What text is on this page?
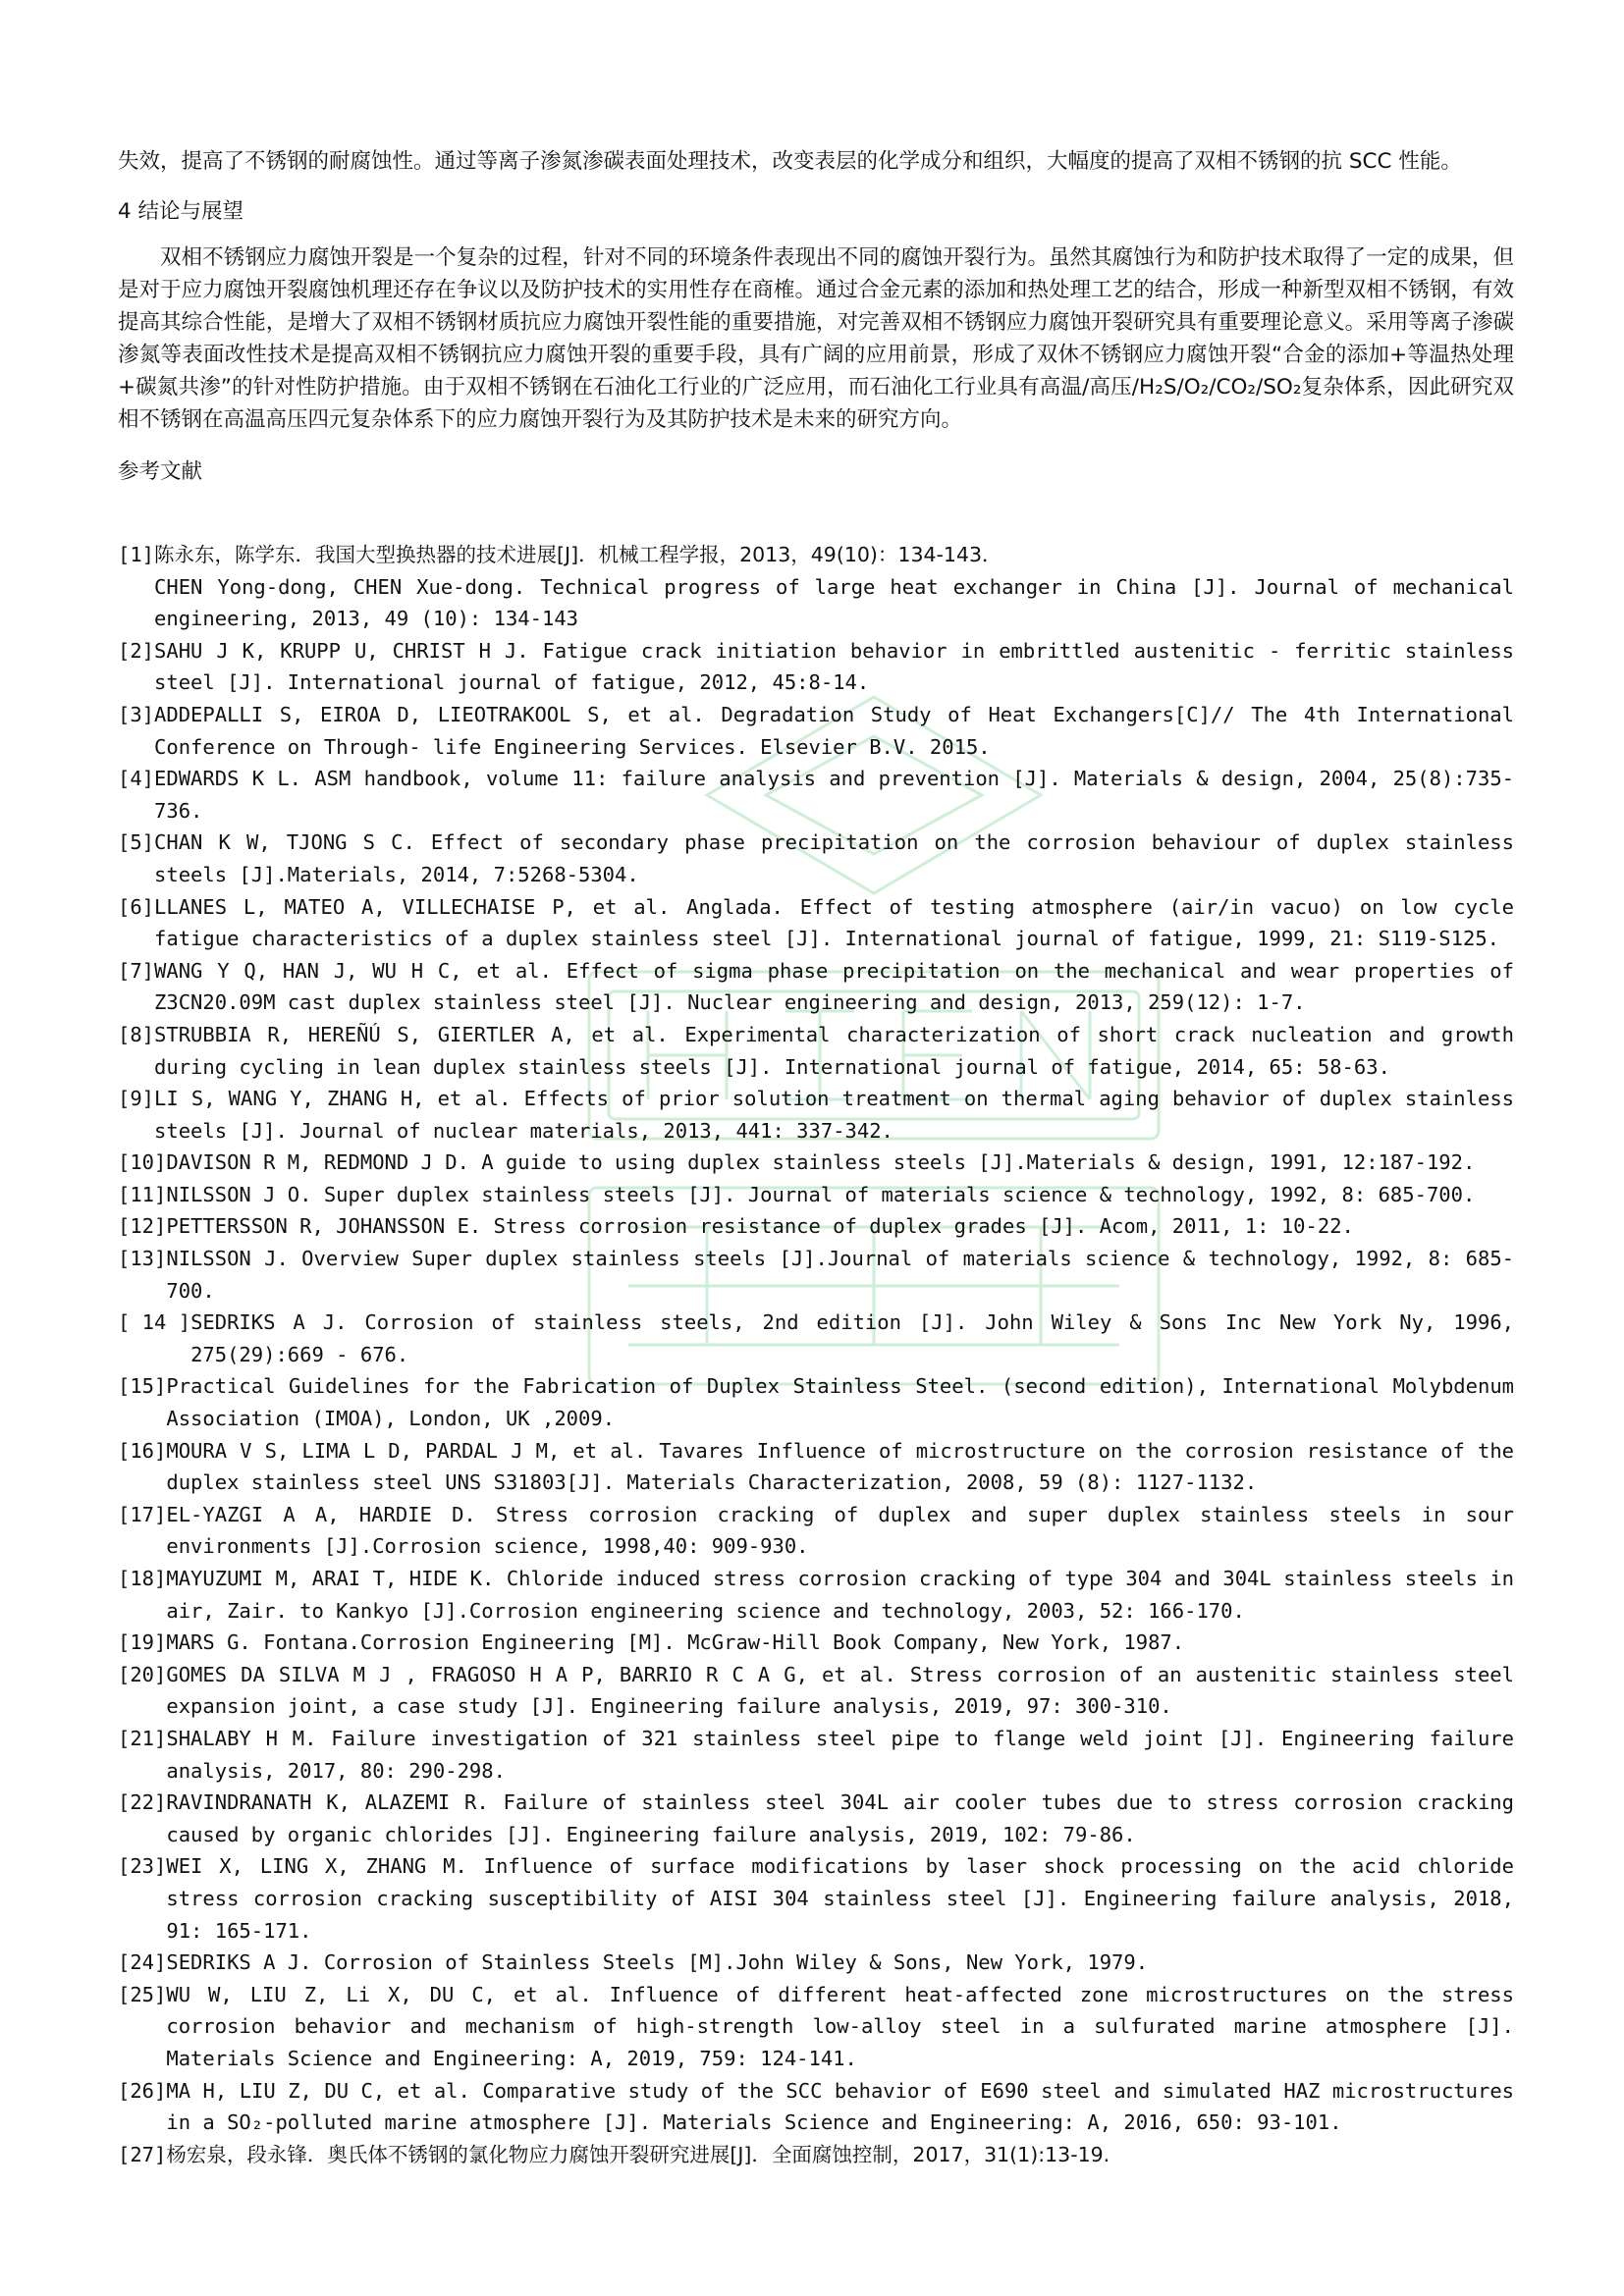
失效，提高了不锈钢的耐腐蚀性。通过等离子渗氮渗碳表面处理技术，改变表层的化学成分和组织，大幅度的提高了双相不锈钢的抗 SCC 性能。

4 结论与展望

双相不锈钢应力腐蚀开裂是一个复杂的过程，针对不同的环境条件表现出不同的腐蚀开裂行为。虽然其腐蚀行为和防护技术取得了一定的成果，但是对于应力腐蚀开裂腐蚀机理还存在争议以及防护技术的实用性存在商榷。通过合金元素的添加和热处理工艺的结合，形成一种新型双相不锈钢，有效提高其综合性能，是增大了双相不锈钢材质抗应力腐蚀开裂性能的重要措施，对完善双相不锈钢应力腐蚀开裂研究具有重要理论意义。采用等离子渗碳渗氮等表面改性技术是提高双相不锈钢抗应力腐蚀开裂的重要手段，具有广阔的应用前景，形成了双休不锈钢应力腐蚀开裂“合金的添加+等温热处理+碳氮共渗”的针对性防护措施。由于双相不锈钢在石油化工行业的广泛应用，而石油化工行业具有高温/高压/H₂S/O₂/CO₂/SO₂复杂体系，因此研究双相不锈钢在高温高压四元复杂体系下的应力腐蚀开裂行为及其防护技术是未来的研究方向。

参考文献

[1] 陈永东，陈学东．我国大型换热器的技术进展[J]．机械工程学报，2013，49(10)：134-143．
CHEN Yong-dong, CHEN Xue-dong. Technical progress of large heat exchanger in China [J]. Journal of mechanical engineering, 2013, 49 (10): 134-143
[2] SAHU J K, KRUPP U, CHRIST H J. Fatigue crack initiation behavior in embrittled austenitic - ferritic stainless steel [J]. International journal of fatigue, 2012, 45:8-14.
[3] ADDEPALLI S, EIROA D, LIEOTRAKOOL S, et al. Degradation Study of Heat Exchangers[C]// The 4th International Conference on Through- life Engineering Services. Elsevier B.V. 2015.
[4] EDWARDS K L. ASM handbook, volume 11: failure analysis and prevention [J]. Materials & design, 2004, 25(8):735-736.
[5] CHAN K W, TJONG S C. Effect of secondary phase precipitation on the corrosion behaviour of duplex stainless steels [J].Materials, 2014, 7:5268-5304.
[6] LLANES L, MATEO A, VILLECHAISE P, et al. Anglada. Effect of testing atmosphere (air/in vacuo) on low cycle fatigue characteristics of a duplex stainless steel [J]. International journal of fatigue, 1999, 21: S119-S125.
[7] WANG Y Q, HAN J, WU H C, et al. Effect of sigma phase precipitation on the mechanical and wear properties of Z3CN20.09M cast duplex stainless steel [J]. Nuclear engineering and design, 2013, 259(12): 1-7.
[8] STRUBBIA R, HEREÑÚ S, GIERTLER A, et al. Experimental characterization of short crack nucleation and growth during cycling in lean duplex stainless steels [J]. International journal of fatigue, 2014, 65: 58-63.
[9] LI S, WANG Y, ZHANG H, et al. Effects of prior solution treatment on thermal aging behavior of duplex stainless steels [J]. Journal of nuclear materials, 2013, 441: 337-342.
[10] DAVISON R M, REDMOND J D. A guide to using duplex stainless steels [J].Materials & design, 1991, 12:187-192.
[11] NILSSON J O. Super duplex stainless steels [J]. Journal of materials science & technology, 1992, 8: 685-700.
[12] PETTERSSON R, JOHANSSON E. Stress corrosion resistance of duplex grades [J]. Acom, 2011, 1: 10-22.
[13] NILSSON J. Overview Super duplex stainless steels [J].Journal of materials science & technology, 1992, 8: 685-700.
[ 14 ] SEDRIKS A J. Corrosion of stainless steels, 2nd edition [J]. John Wiley & Sons Inc New York Ny, 1996, 275(29):669 - 676.
[15] Practical Guidelines for the Fabrication of Duplex Stainless Steel. (second edition), International Molybdenum Association (IMOA), London, UK ,2009.
[16] MOURA V S, LIMA L D, PARDAL J M, et al. Tavares Influence of microstructure on the corrosion resistance of the duplex stainless steel UNS S31803[J]. Materials Characterization, 2008, 59 (8): 1127-1132.
[17] EL-YAZGI A A, HARDIE D. Stress corrosion cracking of duplex and super duplex stainless steels in sour environments [J].Corrosion science, 1998,40: 909-930.
[18] MAYUZUMI M, ARAI T, HIDE K. Chloride induced stress corrosion cracking of type 304 and 304L stainless steels in air, Zair. to Kankyo [J].Corrosion engineering science and technology, 2003, 52: 166-170.
[19] MARS G. Fontana.Corrosion Engineering [M]. McGraw-Hill Book Company, New York, 1987.
[20] GOMES DA SILVA M J , FRAGOSO H A P, BARRIO R C A G, et al. Stress corrosion of an austenitic stainless steel expansion joint, a case study [J]. Engineering failure analysis, 2019, 97: 300-310.
[21] SHALABY H M. Failure investigation of 321 stainless steel pipe to flange weld joint [J]. Engineering failure analysis, 2017, 80: 290-298.
[22] RAVINDRANATH K, ALAZEMI R. Failure of stainless steel 304L air cooler tubes due to stress corrosion cracking caused by organic chlorides [J]. Engineering failure analysis, 2019, 102: 79-86.
[23] WEI X, LING X, ZHANG M. Influence of surface modifications by laser shock processing on the acid chloride stress corrosion cracking susceptibility of AISI 304 stainless steel [J]. Engineering failure analysis, 2018, 91: 165-171.
[24] SEDRIKS A J. Corrosion of Stainless Steels [M].John Wiley & Sons, New York, 1979.
[25] WU W, LIU Z, Li X, DU C, et al. Influence of different heat-affected zone microstructures on the stress corrosion behavior and mechanism of high-strength low-alloy steel in a sulfurated marine atmosphere [J]. Materials Science and Engineering: A, 2019, 759: 124-141.
[26] MA H, LIU Z, DU C, et al. Comparative study of the SCC behavior of E690 steel and simulated HAZ microstructures in a SO₂-polluted marine atmosphere [J]. Materials Science and Engineering: A, 2016, 650: 93-101.
[27] 杨宏泉，段永锋．奥氏体不锈钢的氯化物应力腐蚀开裂研究进展[J]．全面腐蚀控制，2017，31(1):13-19.
